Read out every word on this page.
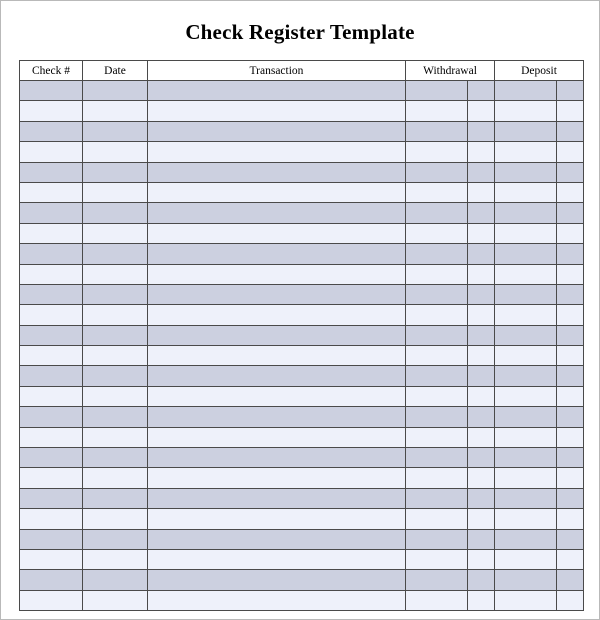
Check Register Template
Check #	Date	Transaction	Withdrawal		Deposit	
